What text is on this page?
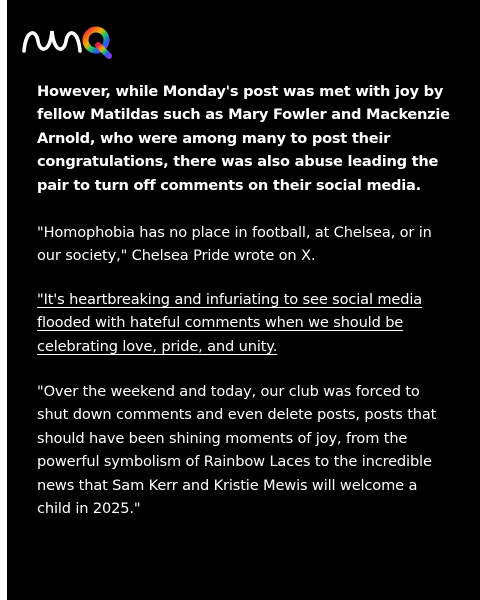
However, while Monday's post was met with joy by fellow Matildas such as Mary Fowler and Mackenzie Arnold, who were among many to post their congratulations, there was also abuse leading the pair to turn off comments on their social media.

"Homophobia has no place in football, at Chelsea, or in our society," Chelsea Pride wrote on X.

"It's heartbreaking and infuriating to see social media flooded with hateful comments when we should be celebrating love, pride, and unity.

"Over the weekend and today, our club was forced to shut down comments and even delete posts, posts that should have been shining moments of joy, from the powerful symbolism of Rainbow Laces to the incredible news that Sam Kerr and Kristie Mewis will welcome a child in 2025."
